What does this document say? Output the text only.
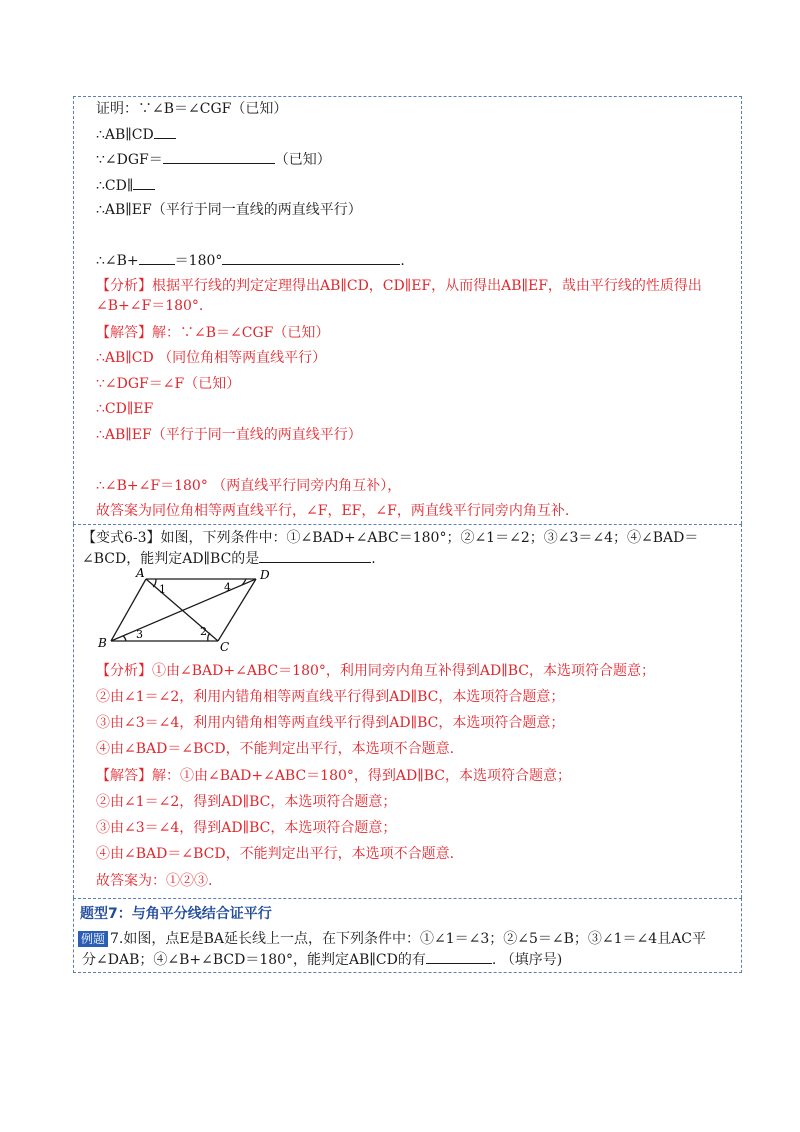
证明：∵∠B＝∠CGF（已知）
∴AB∥CD
∵∠DGF＝	（已知）
∴CD∥
∴AB∥EF（平行于同一直线的两直线平行）
∴∠B+	＝180°	.
【分析】根据平行线的判定定理得出AB∥CD，CD∥EF，从而得出AB∥EF，哉由平行线的性质得出
∠B+∠F＝180°.
【解答】解：∵∠B＝∠CGF（已知）
∴AB∥CD （同位角相等两直线平行）
∵∠DGF＝∠F（已知）
∴CD∥EF
∴AB∥EF（平行于同一直线的两直线平行）
∴∠B+∠F＝180° （两直线平行同旁内角互补），
故答案为同位角相等两直线平行，∠F，EF，∠F，两直线平行同旁内角互补.
【变式6-3】如图，下列条件中：①∠BAD+∠ABC＝180°；②∠1＝∠2；③∠3＝∠4；④∠BAD＝
∠BCD，能判定AD∥BC的是	.
A	D
B	C
1	4
3	2
【分析】①由∠BAD+∠ABC＝180°，利用同旁内角互补得到AD∥BC，本选项符合题意；
②由∠1＝∠2，利用内错角相等两直线平行得到AD∥BC，本选项符合题意；
③由∠3＝∠4，利用内错角相等两直线平行得到AD∥BC，本选项符合题意；
④由∠BAD＝∠BCD，不能判定出平行，本选项不合题意.
【解答】解：①由∠BAD+∠ABC＝180°，得到AD∥BC，本选项符合题意；
②由∠1＝∠2，得到AD∥BC，本选项符合题意；
③由∠3＝∠4，得到AD∥BC，本选项符合题意；
④由∠BAD＝∠BCD，不能判定出平行，本选项不合题意.
故答案为：①②③.
题型7：与角平分线结合证平行
例题 7.如图，点E是BA延长线上一点，在下列条件中：①∠1＝∠3；②∠5＝∠B；③∠1＝∠4且AC平
分∠DAB；④∠B+∠BCD＝180°，能判定AB∥CD的有	. （填序号)
